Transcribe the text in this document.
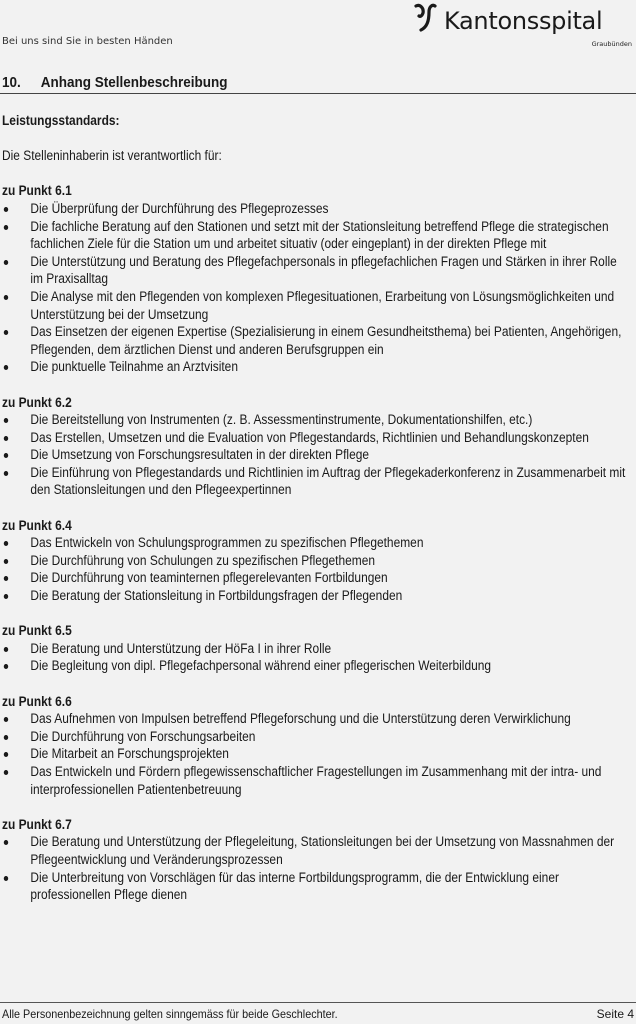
Bei uns sind Sie in besten Händen
Kantonsspital
Graubünden
10. Anhang Stellenbeschreibung

Leistungsstandards:

Die Stelleninhaberin ist verantwortlich für:

zu Punkt 6.1

Die Überprüfung der Durchführung des Pflegeprozesses
Die fachliche Beratung auf den Stationen und setzt mit der Stationsleitung betreffend Pflege die strategischen fachlichen Ziele für die Station um und arbeitet situativ (oder eingeplant) in der direkten Pflege mit
Die Unterstützung und Beratung des Pflegefachpersonals in pflegefachlichen Fragen und Stärken in ihrer Rolle im Praxisalltag
Die Analyse mit den Pflegenden von komplexen Pflegesituationen, Erarbeitung von Lösungsmöglichkeiten und Unterstützung bei der Umsetzung
Das Einsetzen der eigenen Expertise (Spezialisierung in einem Gesundheitsthema) bei Patienten, Angehörigen, Pflegenden, dem ärztlichen Dienst und anderen Berufsgruppen ein
Die punktuelle Teilnahme an Arztvisiten

zu Punkt 6.2

Die Bereitstellung von Instrumenten (z. B. Assessmentinstrumente, Dokumentationshilfen, etc.)
Das Erstellen, Umsetzen und die Evaluation von Pflegestandards, Richtlinien und Behandlungskonzepten
Die Umsetzung von Forschungsresultaten in der direkten Pflege
Die Einführung von Pflegestandards und Richtlinien im Auftrag der Pflegekaderkonferenz in Zusammenarbeit mit den Stationsleitungen und den Pflegeexpertinnen

zu Punkt 6.4

Das Entwickeln von Schulungsprogrammen zu spezifischen Pflegethemen
Die Durchführung von Schulungen zu spezifischen Pflegethemen
Die Durchführung von teaminternen pflegerelevanten Fortbildungen
Die Beratung der Stationsleitung in Fortbildungsfragen der Pflegenden

zu Punkt 6.5

Die Beratung und Unterstützung der HöFa I in ihrer Rolle
Die Begleitung von dipl. Pflegefachpersonal während einer pflegerischen Weiterbildung

zu Punkt 6.6

Das Aufnehmen von Impulsen betreffend Pflegeforschung und die Unterstützung deren Verwirklichung
Die Durchführung von Forschungsarbeiten
Die Mitarbeit an Forschungsprojekten
Das Entwickeln und Fördern pflegewissenschaftlicher Fragestellungen im Zusammenhang mit der intra- und interprofessionellen Patientenbetreuung

zu Punkt 6.7

Die Beratung und Unterstützung der Pflegeleitung, Stationsleitungen bei der Umsetzung von Massnahmen der Pflegeentwicklung und Veränderungsprozessen
Die Unterbreitung von Vorschlägen für das interne Fortbildungsprogramm, die der Entwicklung einer professionellen Pflege dienen
Alle Personenbezeichnung gelten sinngemäss für beide Geschlechter.	Seite 4
